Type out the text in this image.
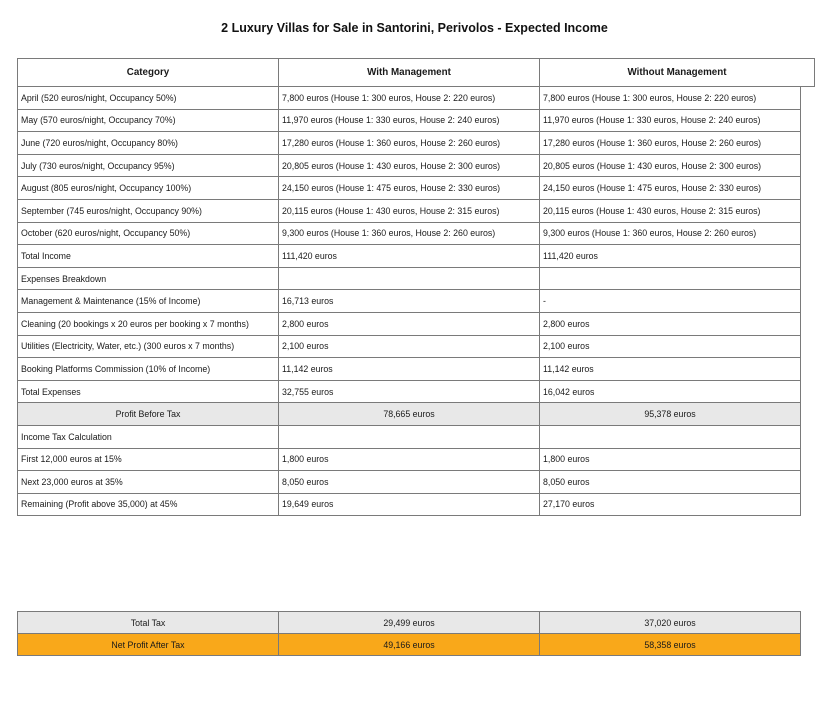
2 Luxury Villas for Sale in Santorini, Perivolos - Expected Income
Category	With Management	Without Management
April (520 euros/night, Occupancy 50%)	7,800 euros (House 1: 300 euros, House 2: 220 euros)	7,800 euros (House 1: 300 euros, House 2: 220 euros)
May (570 euros/night, Occupancy 70%)	11,970 euros (House 1: 330 euros, House 2: 240 euros)	11,970 euros (House 1: 330 euros, House 2: 240 euros)
June (720 euros/night, Occupancy 80%)	17,280 euros (House 1: 360 euros, House 2: 260 euros)	17,280 euros (House 1: 360 euros, House 2: 260 euros)
July (730 euros/night, Occupancy 95%)	20,805 euros (House 1: 430 euros, House 2: 300 euros)	20,805 euros (House 1: 430 euros, House 2: 300 euros)
August (805 euros/night, Occupancy 100%)	24,150 euros (House 1: 475 euros, House 2: 330 euros)	24,150 euros (House 1: 475 euros, House 2: 330 euros)
September (745 euros/night, Occupancy 90%)	20,115 euros (House 1: 430 euros, House 2: 315 euros)	20,115 euros (House 1: 430 euros, House 2: 315 euros)
October (620 euros/night, Occupancy 50%)	9,300 euros (House 1: 360 euros, House 2: 260 euros)	9,300 euros (House 1: 360 euros, House 2: 260 euros)
Total Income	111,420 euros	111,420 euros
Expenses Breakdown		
Management & Maintenance (15% of Income)	16,713 euros	-
Cleaning (20 bookings x 20 euros per booking x 7 months)	2,800 euros	2,800 euros
Utilities (Electricity, Water, etc.) (300 euros x 7 months)	2,100 euros	2,100 euros
Booking Platforms Commission (10% of Income)	11,142 euros	11,142 euros
Total Expenses	32,755 euros	16,042 euros
Profit Before Tax	78,665 euros	95,378 euros
Income Tax Calculation		
First 12,000 euros at 15%	1,800 euros	1,800 euros
Next 23,000 euros at 35%	8,050 euros	8,050 euros
Remaining (Profit above 35,000) at 45%	19,649 euros	27,170 euros
Total Tax	29,499 euros	37,020 euros
Net Profit After Tax	49,166 euros	58,358 euros
